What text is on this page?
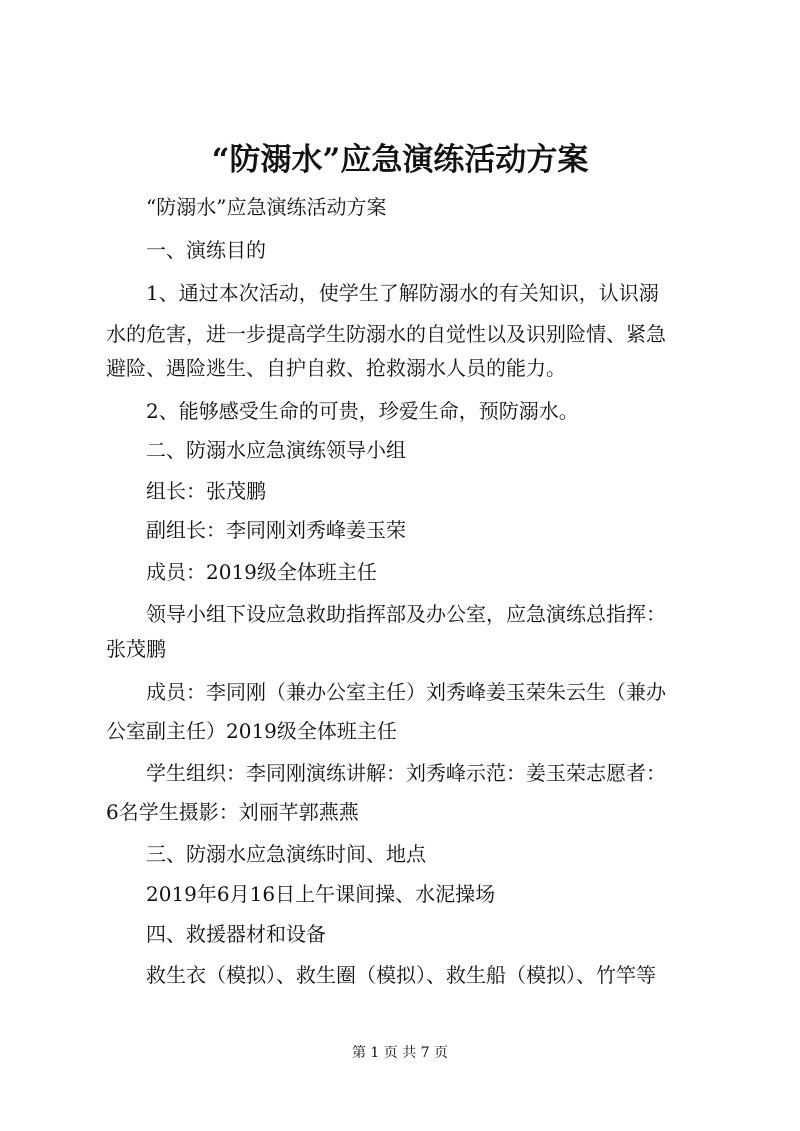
“防溺水”应急演练活动方案

“防溺水”应急演练活动方案

一、演练目的

1、通过本次活动，使学生了解防溺水的有关知识，认识溺

水的危害，进一步提高学生防溺水的自觉性以及识别险情、紧急

避险、遇险逃生、自护自救、抢救溺水人员的能力。

2、能够感受生命的可贵，珍爱生命，预防溺水。

二、防溺水应急演练领导小组

组长：张茂鹏

副组长：李同刚刘秀峰姜玉荣

成员：2019级全体班主任

领导小组下设应急救助指挥部及办公室，应急演练总指挥：

张茂鹏

成员：李同刚（兼办公室主任）刘秀峰姜玉荣朱云生（兼办

公室副主任）2019级全体班主任

学生组织：李同刚演练讲解：刘秀峰示范：姜玉荣志愿者：

6名学生摄影：刘丽芊郭燕燕

三、防溺水应急演练时间、地点

2019年6月16日上午课间操、水泥操场

四、救援器材和设备

救生衣（模拟）、救生圈（模拟）、救生船（模拟）、竹竿等

第 1 页 共 7 页
